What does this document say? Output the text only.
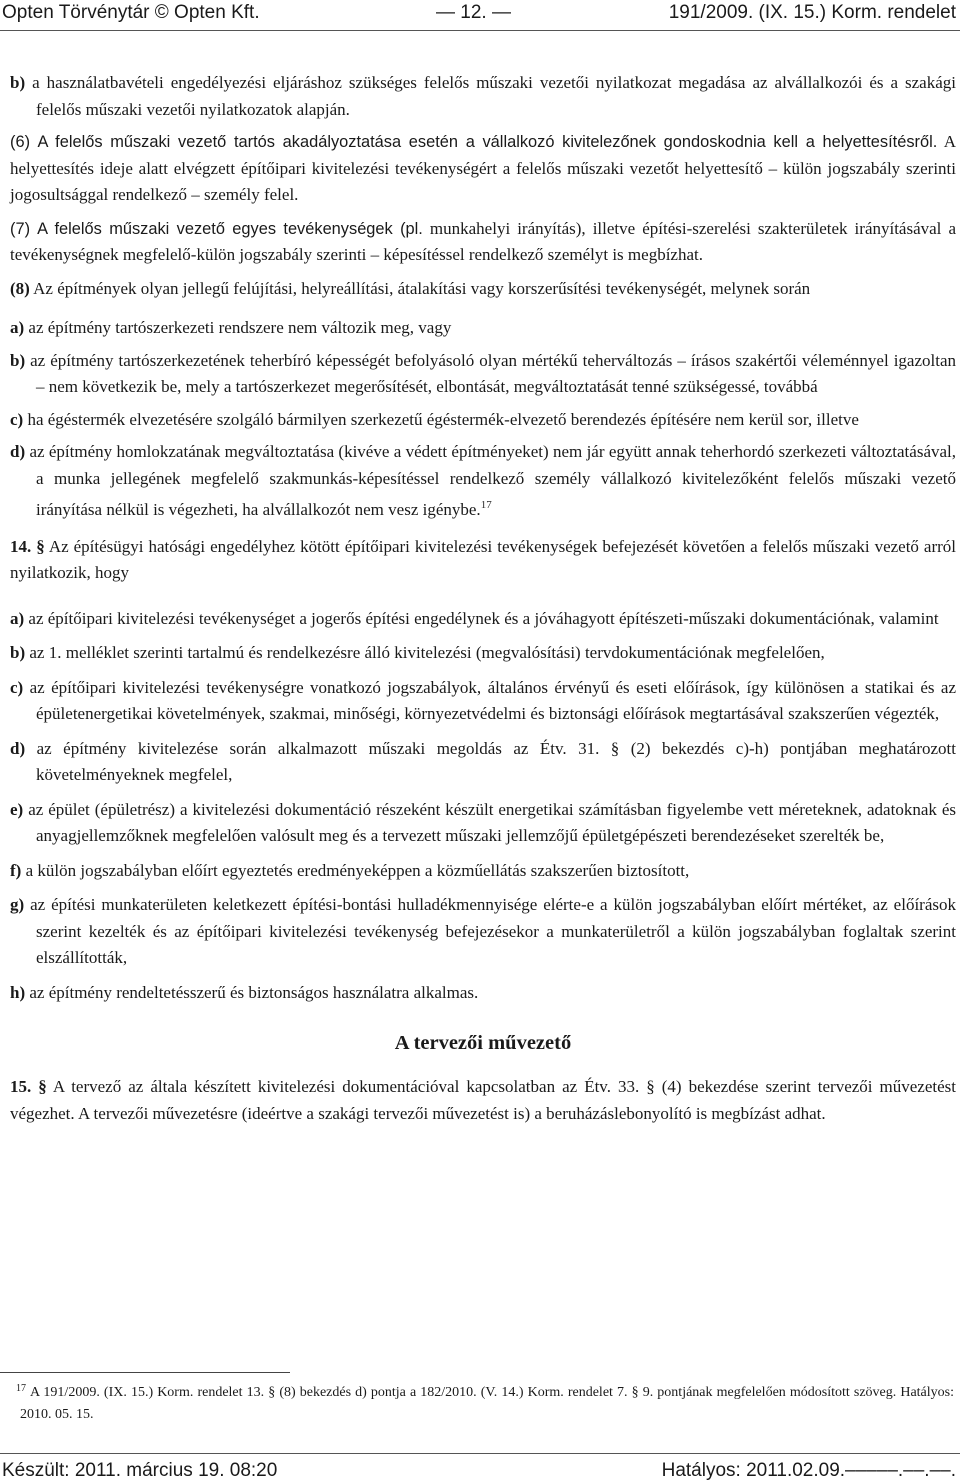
Opten Törvénytár © Opten Kft.	— 12. —	191/2009. (IX. 15.) Korm. rendelet
b) a használatbavételi engedélyezési eljáráshoz szükséges felelős műszaki vezetői nyilatkozat megadása az alvállalkozói és a szakági felelős műszaki vezetői nyilatkozatok alapján.

(6) A felelős műszaki vezető tartós akadályoztatása esetén a vállalkozó kivitelezőnek gondoskodnia kell a helyettesítésről. A helyettesítés ideje alatt elvégzett építőipari kivitelezési tevékenységért a felelős műszaki vezetőt helyettesítő – külön jogszabály szerinti jogosultsággal rendelkező – személy felel.

(7) A felelős műszaki vezető egyes tevékenységek (pl. munkahelyi irányítás), illetve építési-szerelési szakterületek irányításával a tevékenységnek megfelelő-külön jogszabály szerinti – képesítéssel rendelkező személyt is megbízhat.

(8) Az építmények olyan jellegű felújítási, helyreállítási, átalakítási vagy korszerűsítési tevékenységét, melynek során

a) az építmény tartószerkezeti rendszere nem változik meg, vagy
b) az építmény tartószerkezetének teherbíró képességét befolyásoló olyan mértékű teherváltozás – írásos szakértői véleménnyel igazoltan – nem következik be, mely a tartószerkezet megerősítését, elbontását, megváltoztatását tenné szükségessé, továbbá
c) ha égéstermék elvezetésére szolgáló bármilyen szerkezetű égéstermék-elvezető berendezés építésére nem kerül sor, illetve
d) az építmény homlokzatának megváltoztatása (kivéve a védett építményeket) nem jár együtt annak teherhordó szerkezeti változtatásával, a munka jellegének megfelelő szakmunkás-képesítéssel rendelkező személy vállalkozó kivitelezőként felelős műszaki vezető irányítása nélkül is végezheti, ha alvállalkozót nem vesz igénybe.$^{17}$

14. § Az építésügyi hatósági engedélyhez kötött építőipari kivitelezési tevékenységek befejezését követően a felelős műszaki vezető arról nyilatkozik, hogy

a) az építőipari kivitelezési tevékenységet a jogerős építési engedélynek és a jóváhagyott építészeti-műszaki dokumentációnak, valamint
b) az 1. melléklet szerinti tartalmú és rendelkezésre álló kivitelezési (megvalósítási) tervdokumentációnak megfelelően,
c) az építőipari kivitelezési tevékenységre vonatkozó jogszabályok, általános érvényű és eseti előírások, így különösen a statikai és az épületenergetikai követelmények, szakmai, minőségi, környezetvédelmi és biztonsági előírások megtartásával szakszerűen végezték,
d) az építmény kivitelezése során alkalmazott műszaki megoldás az Étv. 31. § (2) bekezdés c)-h) pontjában meghatározott követelményeknek megfelel,
e) az épület (épületrész) a kivitelezési dokumentáció részeként készült energetikai számításban figyelembe vett méreteknek, adatoknak és anyagjellemzőknek megfelelően valósult meg és a tervezett műszaki jellemzőjű épületgépészeti berendezéseket szerelték be,
f) a külön jogszabályban előírt egyeztetés eredményeképpen a közműellátás szakszerűen biztosított,
g) az építési munkaterületen keletkezett építési-bontási hulladékmennyisége elérte-e a külön jogszabályban előírt mértéket, az előírások szerint kezelték és az építőipari kivitelezési tevékenység befejezésekor a munkaterületről a külön jogszabályban foglaltak szerint elszállították,
h) az építmény rendeltetésszerű és biztonságos használatra alkalmas.
A tervezői művezető

15. § A tervező az általa készített kivitelezési dokumentációval kapcsolatban az Étv. 33. § (4) bekezdése szerint tervezői művezetést végezhet. A tervezői művezetésre (ideértve a szakági tervezői művezetést is) a beruházáslebonyolító is megbízást adhat.

$^{17}$ A 191/2009. (IX. 15.) Korm. rendelet 13. § (8) bekezdés d) pontja a 182/2010. (V. 14.) Korm. rendelet 7. § 9. pontjának megfelelően módosított szöveg. Hatályos: 2010. 05. 15.
Készült: 2011. március 19. 08:20	Hatályos: 2011.02.09.–––––.––.––.
